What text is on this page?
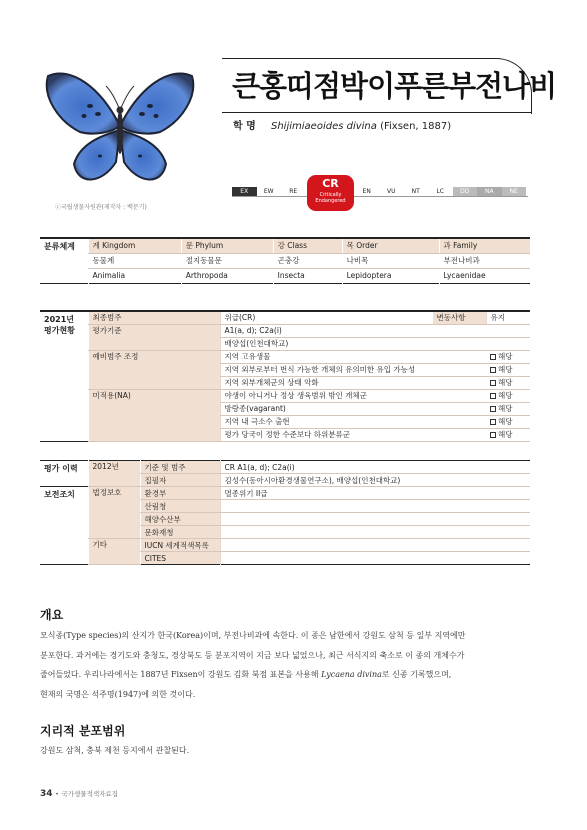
ⓒ국립생물자원관(제작자 : 백문기)
큰홍띠점박이푸른부전나비
학 명 Shijimiaeoides divina (Fixsen, 1887)
EX	EW	RE	EN	VU	NT	LC	DD	NA	NE
CR
Critically Endangered
분류체계	계 Kingdom	문 Phylum	강 Class	목 Order	과 Family
	동물계	절지동물문	곤충강	나비목	부전나비과
	Animalia	Arthropoda	Insecta	Lepidoptera	Lycaenidae
2021년 평가현황	최종범주	위급(CR)	변동사항	유지
	평가기준	A1(a, d); C2a(i)		
		배양섭(인천대학교)		
	예비범주 조정	지역 고유생물		해당
		지역 외부로부터 번식 가능한 개체의 유의미한 유입 가능성		해당
		지역 외부개체군의 상태 악화		해당
	미적용(NA)	야생이 아니거나 정상 생육범위 밖인 개체군		해당
		방랑종(vagarant)		해당
		지역 내 극소수 출현		해당
		평가 당국이 정한 수준보다 하위분류군		해당
평가 이력	2012년	기준 및 범주	CR A1(a, d); C2a(i)
		집필자	김성수(동아시아환경생물연구소), 배양섭(인천대학교)
보전조치	법정보호	환경부	멸종위기 II급
		산림청	
		해양수산부	
		문화재청	
	기타	IUCN 세계적색목록	
		CITES	
개요
모식종(Type species)의 산지가 한국(Korea)이며, 부전나비과에 속한다. 이 종은 남한에서 강원도 삼척 등 일부 지역에만
분포한다. 과거에는 경기도와 충청도, 경상북도 등 분포지역이 지금 보다 넓었으나, 최근 서식지의 축소로 이 종의 개체수가
줄어들었다. 우리나라에서는 1887년 Fixsen이 강원도 김화 북점 표본을 사용해
현재의 국명은 석주명(1947)에 의한 것이다.
Lycaena divina로 신종 기록했으며,
지리적 분포범위
강원도 삼척, 충북 제천 등지에서 관찰된다.
34 • 국가생물적색자료집
